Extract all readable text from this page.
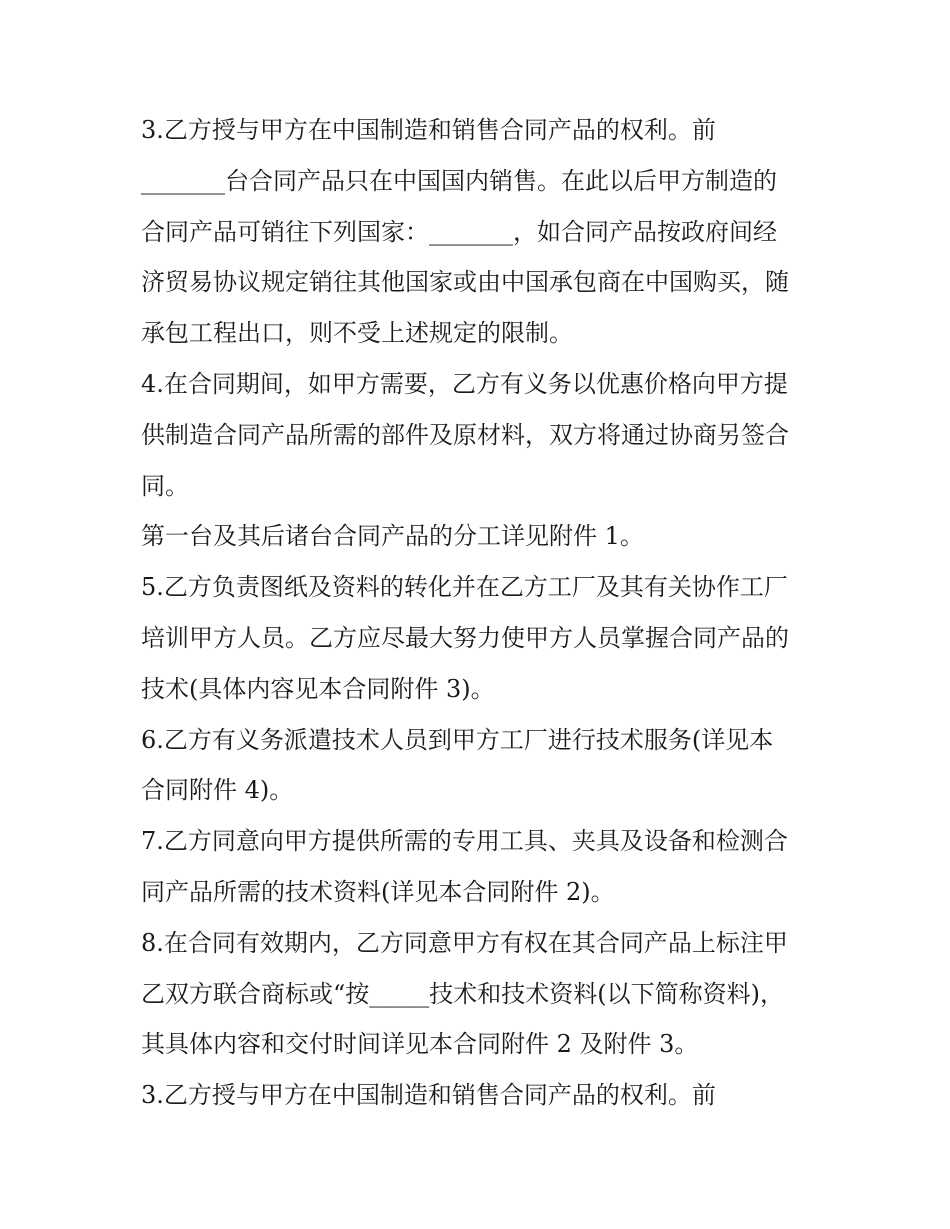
3.乙方授与甲方在中国制造和销售合同产品的权利。前
_______台合同产品只在中国国内销售。在此以后甲方制造的
合同产品可销往下列国家：_______，如合同产品按政府间经
济贸易协议规定销往其他国家或由中国承包商在中国购买，随
承包工程出口，则不受上述规定的限制。
4.在合同期间，如甲方需要，乙方有义务以优惠价格向甲方提
供制造合同产品所需的部件及原材料，双方将通过协商另签合
同。
第一台及其后诸台合同产品的分工详见附件 1。
5.乙方负责图纸及资料的转化并在乙方工厂及其有关协作工厂
培训甲方人员。乙方应尽最大努力使甲方人员掌握合同产品的
技术(具体内容见本合同附件 3)。
6.乙方有义务派遣技术人员到甲方工厂进行技术服务(详见本
合同附件 4)。
7.乙方同意向甲方提供所需的专用工具、夹具及设备和检测合
同产品所需的技术资料(详见本合同附件 2)。
8.在合同有效期内，乙方同意甲方有权在其合同产品上标注甲
乙双方联合商标或“按_____技术和技术资料(以下简称资料)，
其具体内容和交付时间详见本合同附件 2 及附件 3。
3.乙方授与甲方在中国制造和销售合同产品的权利。前
